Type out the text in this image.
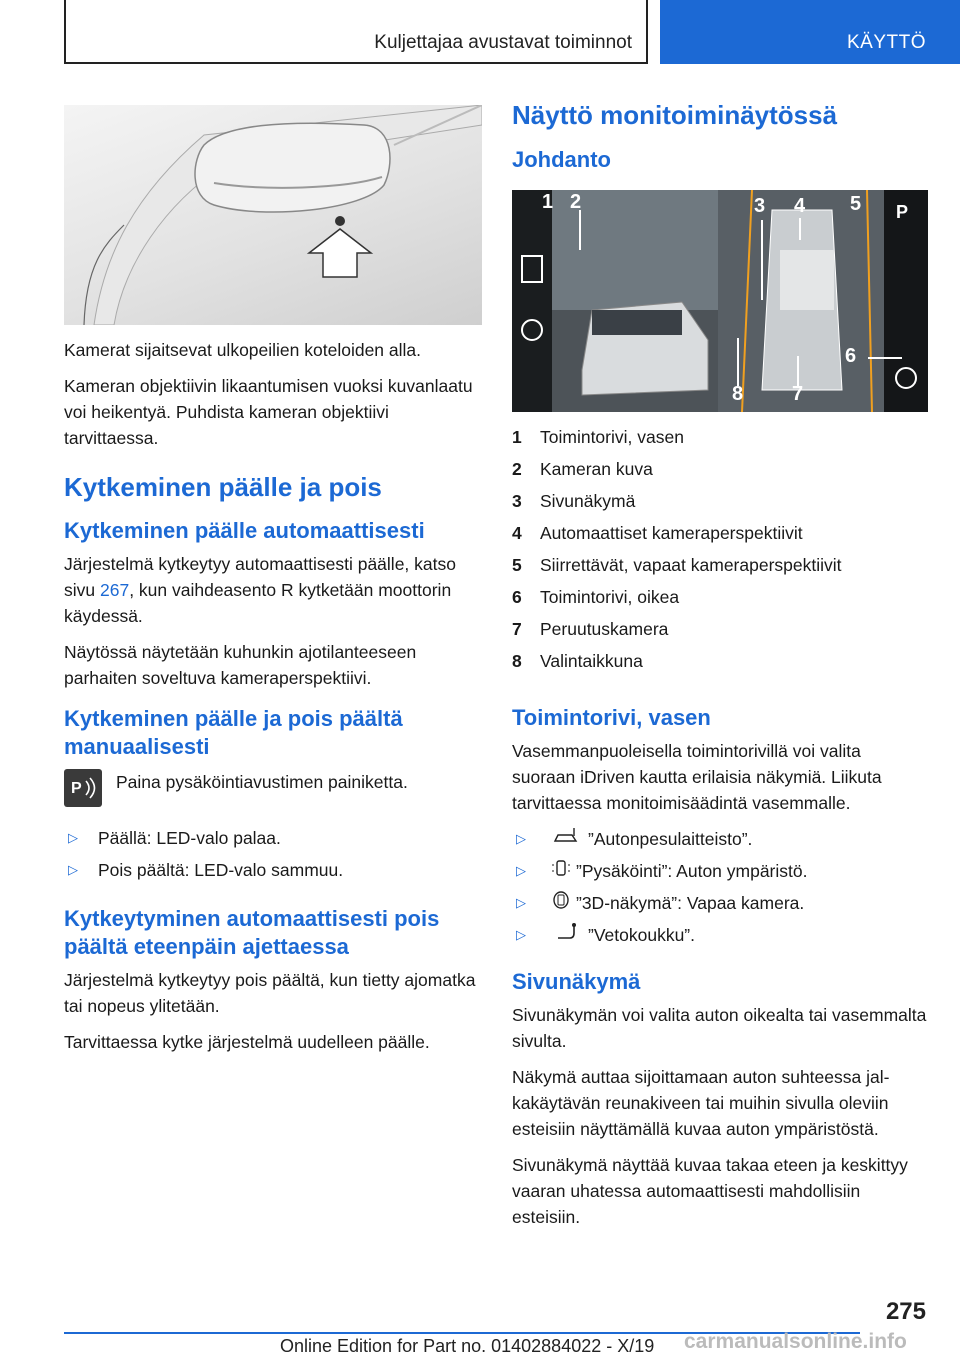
Kuljettajaa avustavat toiminnot	KÄYTTÖ

Kamerat sijaitsevat ulkopeilien koteloiden alla.

Kameran objektiivin likaantumisen vuoksi kuvanlaatu voi heikentyä. Puhdista kameran objektiivi tarvittaessa.

Kytkeminen päälle ja pois
Kytkeminen päälle automaattisesti

Järjestelmä kytkeytyy automaattisesti päälle, katso sivu 267, kun vaihdeasento R kytketään moottorin käydessä.

Näytössä näytetään kuhunkin ajotilanteeseen parhaiten soveltuva kameraperspektiivi.

Kytkeminen päälle ja pois päältä manuaalisesti
P Paina pysäköintiavustimen painiketta.
▷	Päällä: LED-valo palaa.
▷	Pois päältä: LED-valo sammuu.
Kytkeytyminen automaattisesti pois päältä eteenpäin ajettaessa

Järjestelmä kytkeytyy pois päältä, kun tietty ajomatka tai nopeus ylitetään.

Tarvittaessa kytke järjestelmä uudelleen päälle.

Näyttö monitoiminäytössä
Johdanto
1 2	3 4 5
6
7
8
P
1	Toimintorivi, vasen
2	Kameran kuva
3	Sivunäkymä
4	Automaattiset kameraperspektiivit
5	Siirrettävät, vapaat kameraperspektiivit
6	Toimintorivi, oikea
7	Peruutuskamera
8	Valintaikkuna
Toimintorivi, vasen

Vasemmanpuoleisella toimintorivillä voi valita suoraan iDriven kautta erilaisia näkymiä. Liikuta tarvittaessa monitoimisäädintä vasemmalle.

▷	”Autonpesulaitteisto”.
▷	”Pysäköinti”: Auton ympäristö.
▷	”3D-näkymä”: Vapaa kamera.
▷	”Vetokoukku”.
Sivunäkymä

Sivunäkymän voi valita auton oikealta tai vasemmalta sivulta.

Näkymä auttaa sijoittamaan auton suhteessa jalkakäytävän reunakiveen tai muihin sivulla oleviin esteisiin näyttämällä kuvaa auton ympäristöstä.

Sivunäkymä näyttää kuvaa takaa eteen ja keskittyy vaaran uhatessa automaattisesti mahdollisiin esteisiin.

275
Online Edition for Part no. 01402884022 - X/19 carmanualsonline.info
